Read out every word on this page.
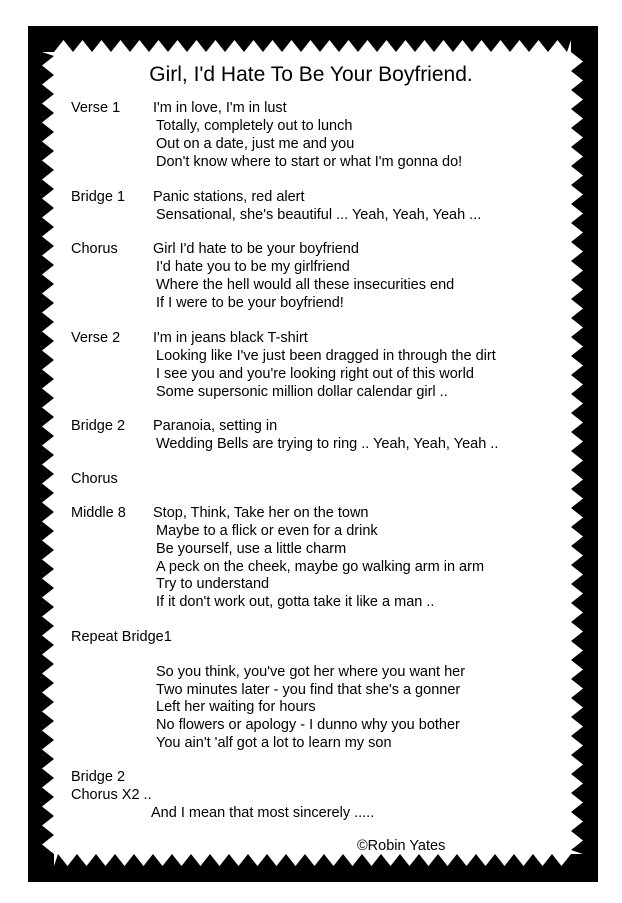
Girl, I'd Hate To Be Your Boyfriend.
Verse 1 I'm in love, I'm in lust
Totally, completely out to lunch
Out on a date, just me and you
Don't know where to start or what I'm gonna do!
Bridge 1 Panic stations, red alert
Sensational, she's beautiful ... Yeah, Yeah, Yeah ...
Chorus Girl I'd hate to be your boyfriend
I'd hate you to be my girlfriend
Where the hell would all these insecurities end
If I were to be your boyfriend!
Verse 2 I'm in jeans black T-shirt
Looking like I've just been dragged in through the dirt
I see you and you're looking right out of this world
Some supersonic million dollar calendar girl ..
Bridge 2 Paranoia, setting in
Wedding Bells are trying to ring .. Yeah, Yeah, Yeah ..
Chorus
Middle 8 Stop, Think, Take her on the town
Maybe to a flick or even for a drink
Be yourself, use a little charm
A peck on the cheek, maybe go walking arm in arm
Try to understand
If it don't work out, gotta take it like a man ..
Repeat Bridge1
So you think, you've got her where you want her
Two minutes later - you find that she's a gonner
Left her waiting for hours
No flowers or apology - I dunno why you bother
You ain't 'alf got a lot to learn my son
Bridge 2
Chorus X2 ..
And I mean that most sincerely .....
©Robin Yates
